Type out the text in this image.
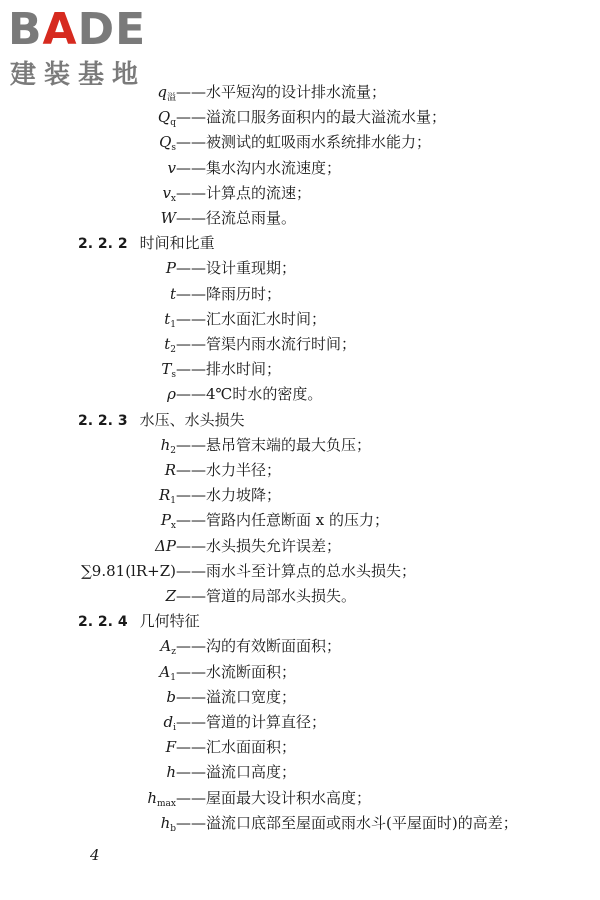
BADE
建装基地
$q_溢$ ——水平短沟的设计排水流量；
$Q_q$ ——溢流口服务面积内的最大溢流水量；
$Q_s$ ——被测试的虹吸雨水系统排水能力；
v ——集水沟内水流速度；
$v_x$ ——计算点的流速；
W ——径流总雨量。
2. 2. 2 时间和比重
P ——设计重现期；
t ——降雨历时；
$t_1$ ——汇水面汇水时间；
$t_2$ ——管渠内雨水流行时间；
$T_s$ ——排水时间；
ρ ——4℃时水的密度。
2. 2. 3 水压、水头损失
$h_2$ ——悬吊管末端的最大负压；
R ——水力半径；
$R_1$ ——水力坡降；
$P_x$ ——管路内任意断面 x 的压力；
ΔP ——水头损失允许误差；
∑9.81(lR+Z) ——雨水斗至计算点的总水头损失；
Z ——管道的局部水头损失。
2. 2. 4 几何特征
$A_z$ ——沟的有效断面面积；
$A_1$ ——水流断面积；
b ——溢流口宽度；
$d_i$ ——管道的计算直径；
F ——汇水面面积；
h ——溢流口高度；
$h_{max}$ ——屋面最大设计积水高度；
$h_b$ ——溢流口底部至屋面或雨水斗(平屋面时)的高差；
4
